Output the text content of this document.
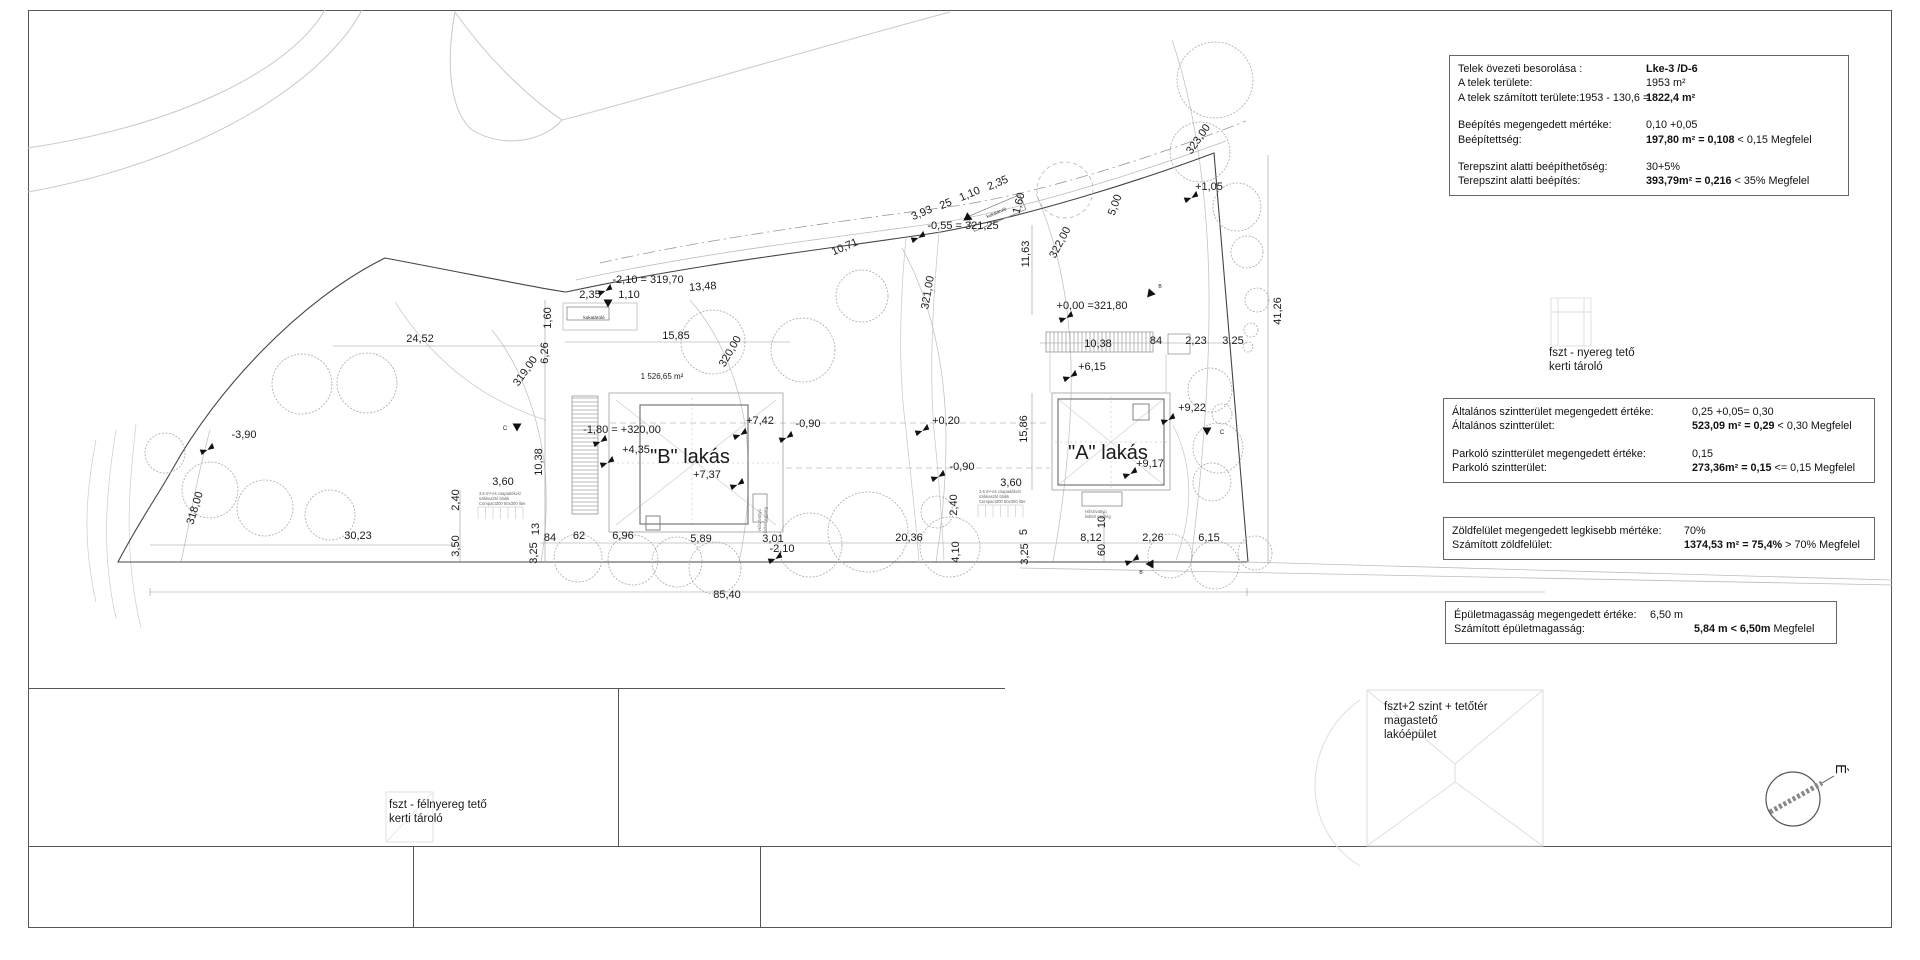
2,35 1,10
-2,10 = 319,70
13,48
10,71
1,60
15,85 320,00
3,93 25
1,10
2,35
-0,55 = 321,25
1,60
11,63
321,00
322,00
5,00
+1,05
323,00
41,26
+0,00 =321,80
10,38	84 2,23 3,25
+6,15
24,52
6,26
319,00
-3,90
318,00
10,38
3,60
-1,80 = +320,00
+4,35
+7,42 -0,90
"B" lakás
+7,37
+0,20
-0,90
15,86
"A" lakás
+9,22
+9,17
3,60
2,40
3,50
30,23
13
3,25
84 62 6,96	5,89	3,01
-2,10
20,36
4,10
2,40
5
3,25
8,12
60
10
2,26	6,15
85,40
1 526,65 m²
kukatároló
kukatároló
C
C
B
B
fszt+2 szint + tetőtér
magastető
lakóépület
fszt - nyereg tető
kerti tároló
fszt - félnyereg tető
kerti tároló
É
3,6 m³-es csapadékvíz
szikkasztó blokk
Compact300 50x300 liter
3,6 m³-es csapadékvíz
szikkasztó blokk
Compact300 50x300 liter
Hőszivattyú kültéri egység	Hőszivattyú
kültéri egység
Telek övezeti besorolása :	Lke-3 /D-6
A telek területe:	1953 m²
A telek számított területe:1953 - 130,6 =
1822,4 m²
Beépítés megengedett mértéke:	0,10 +0,05
Beépítettség:	197,80 m² = 0,108 < 0,15 Megfelel
Terepszint alatti beépíthetőség:	30+5%
Terepszint alatti beépítés:	393,79m² = 0,216 < 35% Megfelel
Általános szintterület megengedett értéke:	0,25 +0,05= 0,30
Általános szintterület:	523,09 m² = 0,29 < 0,30 Megfelel
Parkoló szintterület megengedett értéke:	0,15
Parkoló szintterület:	273,36m² = 0,15 <= 0,15 Megfelel
Zöldfelület megengedett legkisebb mértéke:	70%
Számított zöldfelület:	1374,53 m² = 75,4% > 70% Megfelel
Épületmagasság megengedett értéke:	6,50 m
Számított épületmagasság:	5,84 m < 6,50m Megfelel
